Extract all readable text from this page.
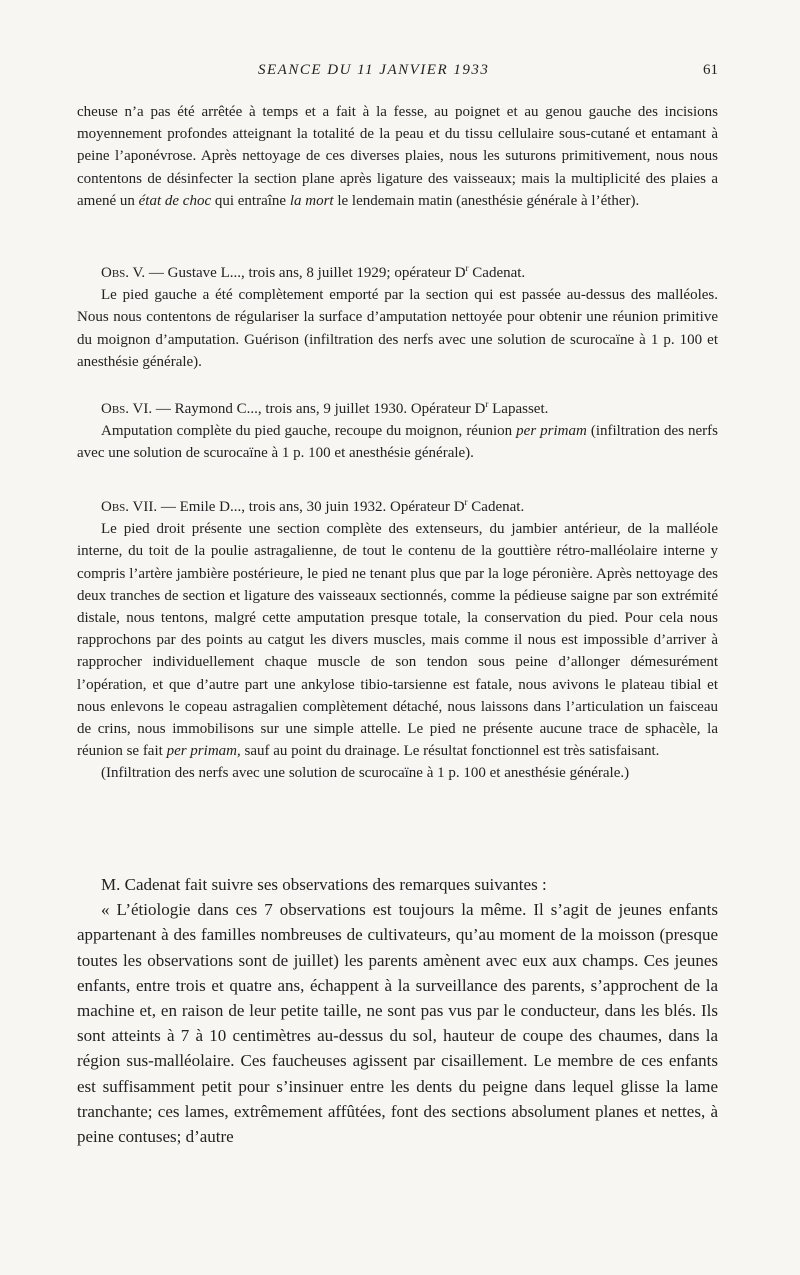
SEANCE DU 11 JANVIER 1933	61

cheuse n’a pas été arrêtée à temps et a fait à la fesse, au poignet et au genou gauche des incisions moyennement profondes atteignant la totalité de la peau et du tissu cellulaire sous-cutané et entamant à peine l’aponévrose. Après nettoyage de ces diverses plaies, nous les suturons primitivement, nous nous contentons de désinfecter la section plane après ligature des vaisseaux; mais la multiplicité des plaies a amené un état de choc qui entraîne la mort le lendemain matin (anesthésie générale à l’éther).

Obs. V. — Gustave L..., trois ans, 8 juillet 1929; opérateur $D^r$ Cadenat.

Le pied gauche a été complètement emporté par la section qui est passée au-dessus des malléoles. Nous nous contentons de régulariser la surface d’amputation nettoyée pour obtenir une réunion primitive du moignon d’amputation. Guérison (infiltration des nerfs avec une solution de scurocaïne à 1 p. 100 et anesthésie générale).

Obs. VI. — Raymond C..., trois ans, 9 juillet 1930. Opérateur $D^r$ Lapasset.

Amputation complète du pied gauche, recoupe du moignon, réunion per primam (infiltration des nerfs avec une solution de scurocaïne à 1 p. 100 et anesthésie générale).

Obs. VII. — Emile D..., trois ans, 30 juin 1932. Opérateur $D^r$ Cadenat.

Le pied droit présente une section complète des extenseurs, du jambier antérieur, de la malléole interne, du toit de la poulie astragalienne, de tout le contenu de la gouttière rétro-malléolaire interne y compris l’artère jambière postérieure, le pied ne tenant plus que par la loge péronière. Après nettoyage des deux tranches de section et ligature des vaisseaux sectionnés, comme la pédieuse saigne par son extrémité distale, nous tentons, malgré cette amputation presque totale, la conservation du pied. Pour cela nous rapprochons par des points au catgut les divers muscles, mais comme il nous est impossible d’arriver à rapprocher individuellement chaque muscle de son tendon sous peine d’allonger démesurément l’opération, et que d’autre part une ankylose tibio-tarsienne est fatale, nous avivons le plateau tibial et nous enlevons le copeau astragalien complètement détaché, nous laissons dans l’articulation un faisceau de crins, nous immobilisons sur une simple attelle. Le pied ne présente aucune trace de sphacèle, la réunion se fait per primam, sauf au point du drainage. Le résultat fonctionnel est très satisfaisant.

(Infiltration des nerfs avec une solution de scurocaïne à 1 p. 100 et anesthésie générale.)

M. Cadenat fait suivre ses observations des remarques suivantes :

« L’étiologie dans ces 7 observations est toujours la même. Il s’agit de jeunes enfants appartenant à des familles nombreuses de cultivateurs, qu’au moment de la moisson (presque toutes les observations sont de juillet) les parents amènent avec eux aux champs. Ces jeunes enfants, entre trois et quatre ans, échappent à la surveillance des parents, s’approchent de la machine et, en raison de leur petite taille, ne sont pas vus par le conducteur, dans les blés. Ils sont atteints à 7 à 10 centimètres au-dessus du sol, hauteur de coupe des chaumes, dans la région sus-malléolaire. Ces faucheuses agissent par cisaillement. Le membre de ces enfants est suffisamment petit pour s’insinuer entre les dents du peigne dans lequel glisse la lame tranchante; ces lames, extrêmement affûtées, font des sections absolument planes et nettes, à peine contuses; d’autre
